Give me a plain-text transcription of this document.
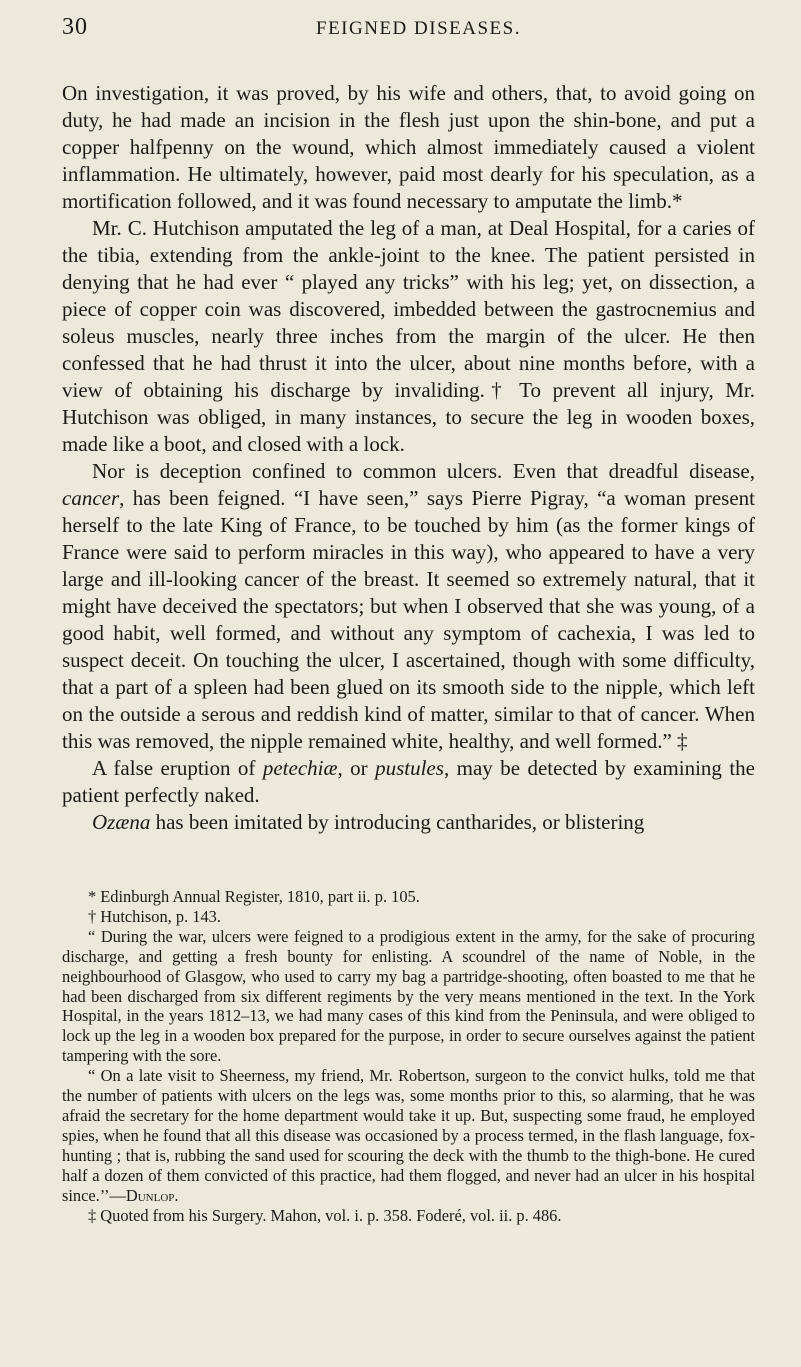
30	FEIGNED DISEASES.

On investigation, it was proved, by his wife and others, that, to avoid going on duty, he had made an incision in the flesh just upon the shin-bone, and put a copper halfpenny on the wound, which almost immediately caused a violent inflammation. He ultimately, however, paid most dearly for his speculation, as a mortification followed, and it was found necessary to amputate the limb.*

Mr. C. Hutchison amputated the leg of a man, at Deal Hospital, for a caries of the tibia, extending from the ankle-joint to the knee. The patient persisted in denying that he had ever “ played any tricks” with his leg; yet, on dissection, a piece of copper coin was discovered, imbedded between the gastrocnemius and soleus muscles, nearly three inches from the margin of the ulcer. He then confessed that he had thrust it into the ulcer, about nine months before, with a view of obtaining his discharge by invaliding.† To prevent all injury, Mr. Hutchison was obliged, in many instances, to secure the leg in wooden boxes, made like a boot, and closed with a lock.

Nor is deception confined to common ulcers. Even that dreadful disease, cancer, has been feigned. “I have seen,” says Pierre Pigray, “a woman present herself to the late King of France, to be touched by him (as the former kings of France were said to perform miracles in this way), who appeared to have a very large and ill-looking cancer of the breast. It seemed so extremely natural, that it might have deceived the spectators; but when I observed that she was young, of a good habit, well formed, and without any symptom of cachexia, I was led to suspect deceit. On touching the ulcer, I ascertained, though with some difficulty, that a part of a spleen had been glued on its smooth side to the nipple, which left on the outside a serous and reddish kind of matter, similar to that of cancer. When this was removed, the nipple remained white, healthy, and well formed.” ‡

A false eruption of petechiæ, or pustules, may be detected by examining the patient perfectly naked.

Ozæna has been imitated by introducing cantharides, or blistering

* Edinburgh Annual Register, 1810, part ii. p. 105.

† Hutchison, p. 143.

“ During the war, ulcers were feigned to a prodigious extent in the army, for the sake of procuring discharge, and getting a fresh bounty for enlisting. A scoundrel of the name of Noble, in the neighbourhood of Glasgow, who used to carry my bag a partridge-shooting, often boasted to me that he had been discharged from six different regiments by the very means mentioned in the text. In the York Hospital, in the years 1812–13, we had many cases of this kind from the Peninsula, and were obliged to lock up the leg in a wooden box prepared for the purpose, in order to secure ourselves against the patient tampering with the sore.

“ On a late visit to Sheerness, my friend, Mr. Robertson, surgeon to the convict hulks, told me that the number of patients with ulcers on the legs was, some months prior to this, so alarming, that he was afraid the secretary for the home department would take it up. But, suspecting some fraud, he employed spies, when he found that all this disease was occasioned by a process termed, in the flash language, fox-hunting ; that is, rubbing the sand used for scouring the deck with the thumb to the thigh-bone. He cured half a dozen of them convicted of this practice, had them flogged, and never had an ulcer in his hospital since.’’—Dunlop.

‡ Quoted from his Surgery. Mahon, vol. i. p. 358. Foderé, vol. ii. p. 486.
